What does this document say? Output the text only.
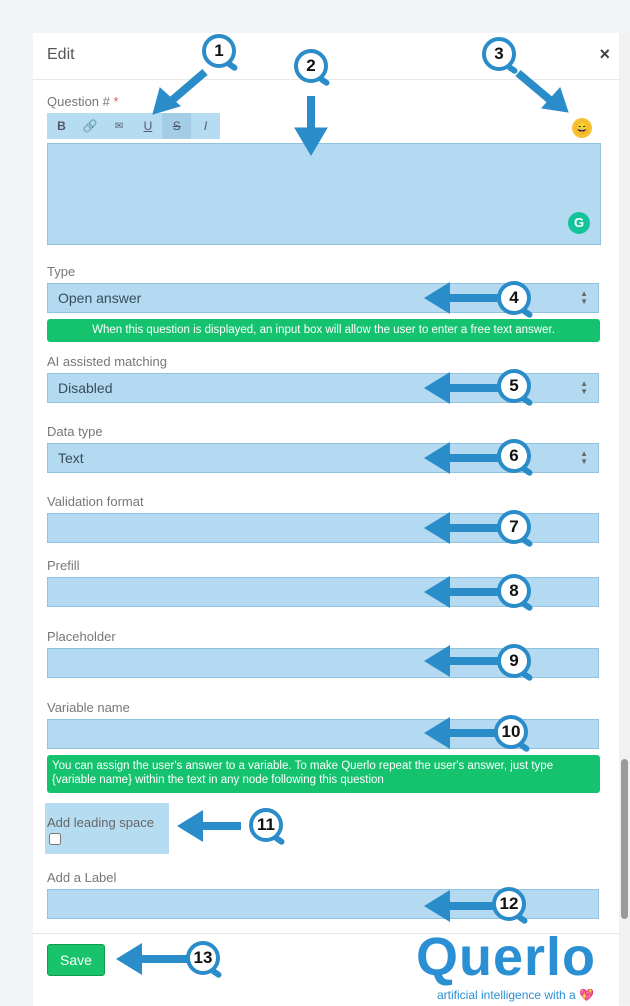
Edit	×
Question # *
B	🔗	✉	U	S	I	😄
G
Type
Open answer	▲
▼
When this question is displayed, an input box will allow the user to enter a free text answer.
AI assisted matching
Disabled	▲
▼
Data type
Text	▲
▼
Validation format
Prefill
Placeholder
Variable name
You can assign the user's answer to a variable. To make Querlo repeat the user's answer, just type {variable name} within the text in any node following this question
Add leading space
Add a Label
Save	Querlo
artificial intelligence with a 💖
1
2
3
4
5
6
7
8
9
10
11
12
13
